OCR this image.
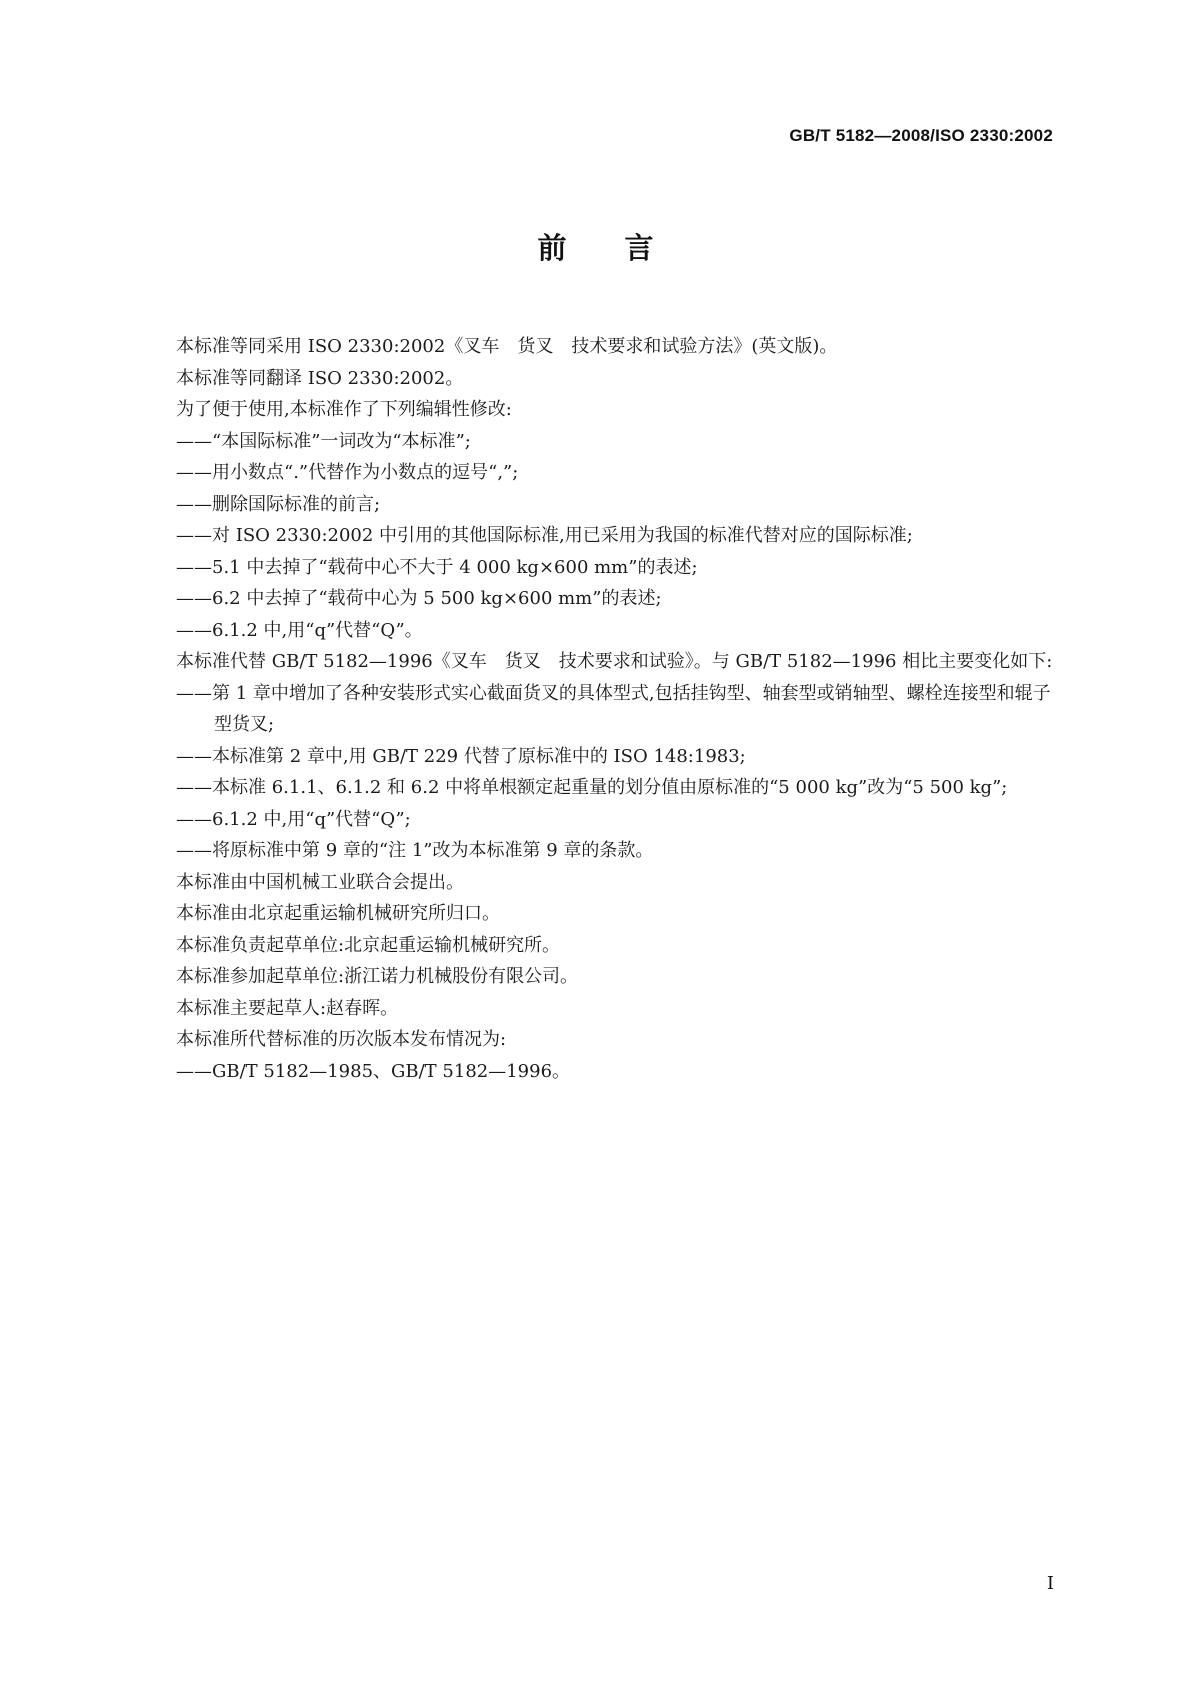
GB/T 5182—2008/ISO 2330:2002
前言

本标准等同采用 ISO 2330:2002《叉车　货叉　技术要求和试验方法》(英文版)。

本标准等同翻译 ISO 2330:2002。

为了便于使用,本标准作了下列编辑性修改:

——“本国际标准”一词改为“本标准”;
——用小数点“.”代替作为小数点的逗号“,”;
——删除国际标准的前言;
——对 ISO 2330:2002 中引用的其他国际标准,用已采用为我国的标准代替对应的国际标准;
——5.1 中去掉了“载荷中心不大于 4 000 kg×600 mm”的表述;
——6.2 中去掉了“载荷中心为 5 500 kg×600 mm”的表述;
——6.1.2 中,用“q”代替“Q”。

本标准代替 GB/T 5182—1996《叉车　货叉　技术要求和试验》。与 GB/T 5182—1996 相比主要变化如下:

——第 1 章中增加了各种安装形式实心截面货叉的具体型式,包括挂钩型、轴套型或销轴型、螺栓连接型和辊子型货叉;
——本标准第 2 章中,用 GB/T 229 代替了原标准中的 ISO 148:1983;
——本标准 6.1.1、6.1.2 和 6.2 中将单根额定起重量的划分值由原标准的“5 000 kg”改为“5 500 kg”;
——6.1.2 中,用“q”代替“Q”;
——将原标准中第 9 章的“注 1”改为本标准第 9 章的条款。

本标准由中国机械工业联合会提出。

本标准由北京起重运输机械研究所归口。

本标准负责起草单位:北京起重运输机械研究所。

本标准参加起草单位:浙江诺力机械股份有限公司。

本标准主要起草人:赵春晖。

本标准所代替标准的历次版本发布情况为:

——GB/T 5182—1985、GB/T 5182—1996。
I
